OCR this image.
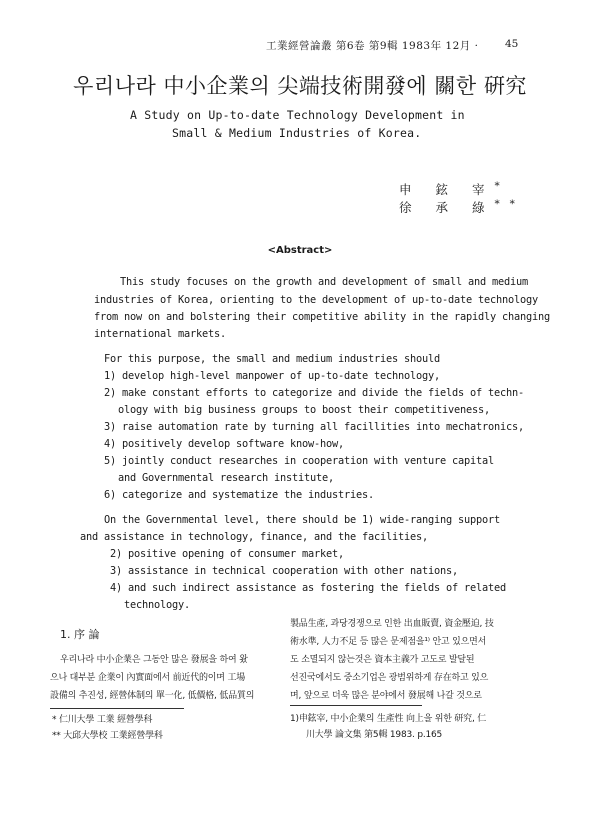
工業經營論叢 第6卷 第9輯 1983年 12月 ·	45
우리나라 中小企業의 尖端技術開發에 關한 硏究
A Study on Up-to-date Technology Development in
Small & Medium Industries of Korea.
申 鉉 宰*
徐 承 綠**
<Abstract>
This study focuses on the growth and development of small and medium
industries of Korea, orienting to the development of up-to-date technology
from now on and bolstering their competitive ability in the rapidly changing
international markets.
For this purpose, the small and medium industries should
1) develop high-level manpower of up-to-date technology,
2) make constant efforts to categorize and divide the fields of techn-
ology with big business groups to boost their competitiveness,
3) raise automation rate by turning all facillities into mechatronics,
4) positively develop software know-how,
5) jointly conduct researches in cooperation with venture capital
and Governmental research institute,
6) categorize and systematize the industries.
On the Governmental level, there should be 1) wide-ranging support
and assistance in technology, finance, and the facilities,
2) positive opening of consumer market,
3) assistance in technical cooperation with other nations,
4) and such indirect assistance as fostering the fields of related
technology.
1. 序 論
우리나라 中小企業은 그동안 많은 發展을 하여 왔
으나 대부분 企業이 內實面에서 前近代的이며 工場
設備의 추진성, 經營体制의 單一化, 低價格, 低品質의
* 仁川大學 工業 經營學科
** 大邱大學校 工業經營學科
製品生產, 과당경쟁으로 인한 出血販賣, 資金壓迫, 技
術水準, 人力不足 등 많은 문제점을¹⁾ 안고 있으면서
도 소멸되지 않는것은 資本主義가 고도로 발달된
선진국에서도 중소기업은 광범위하게 存在하고 있으
며, 앞으로 더욱 많은 분야에서 發展해 나갈 것으로
1)申鉉宰, 中小企業의 生產性 向上을 위한 研究, 仁
川大學 論文集 第5輯 1983. p.165
